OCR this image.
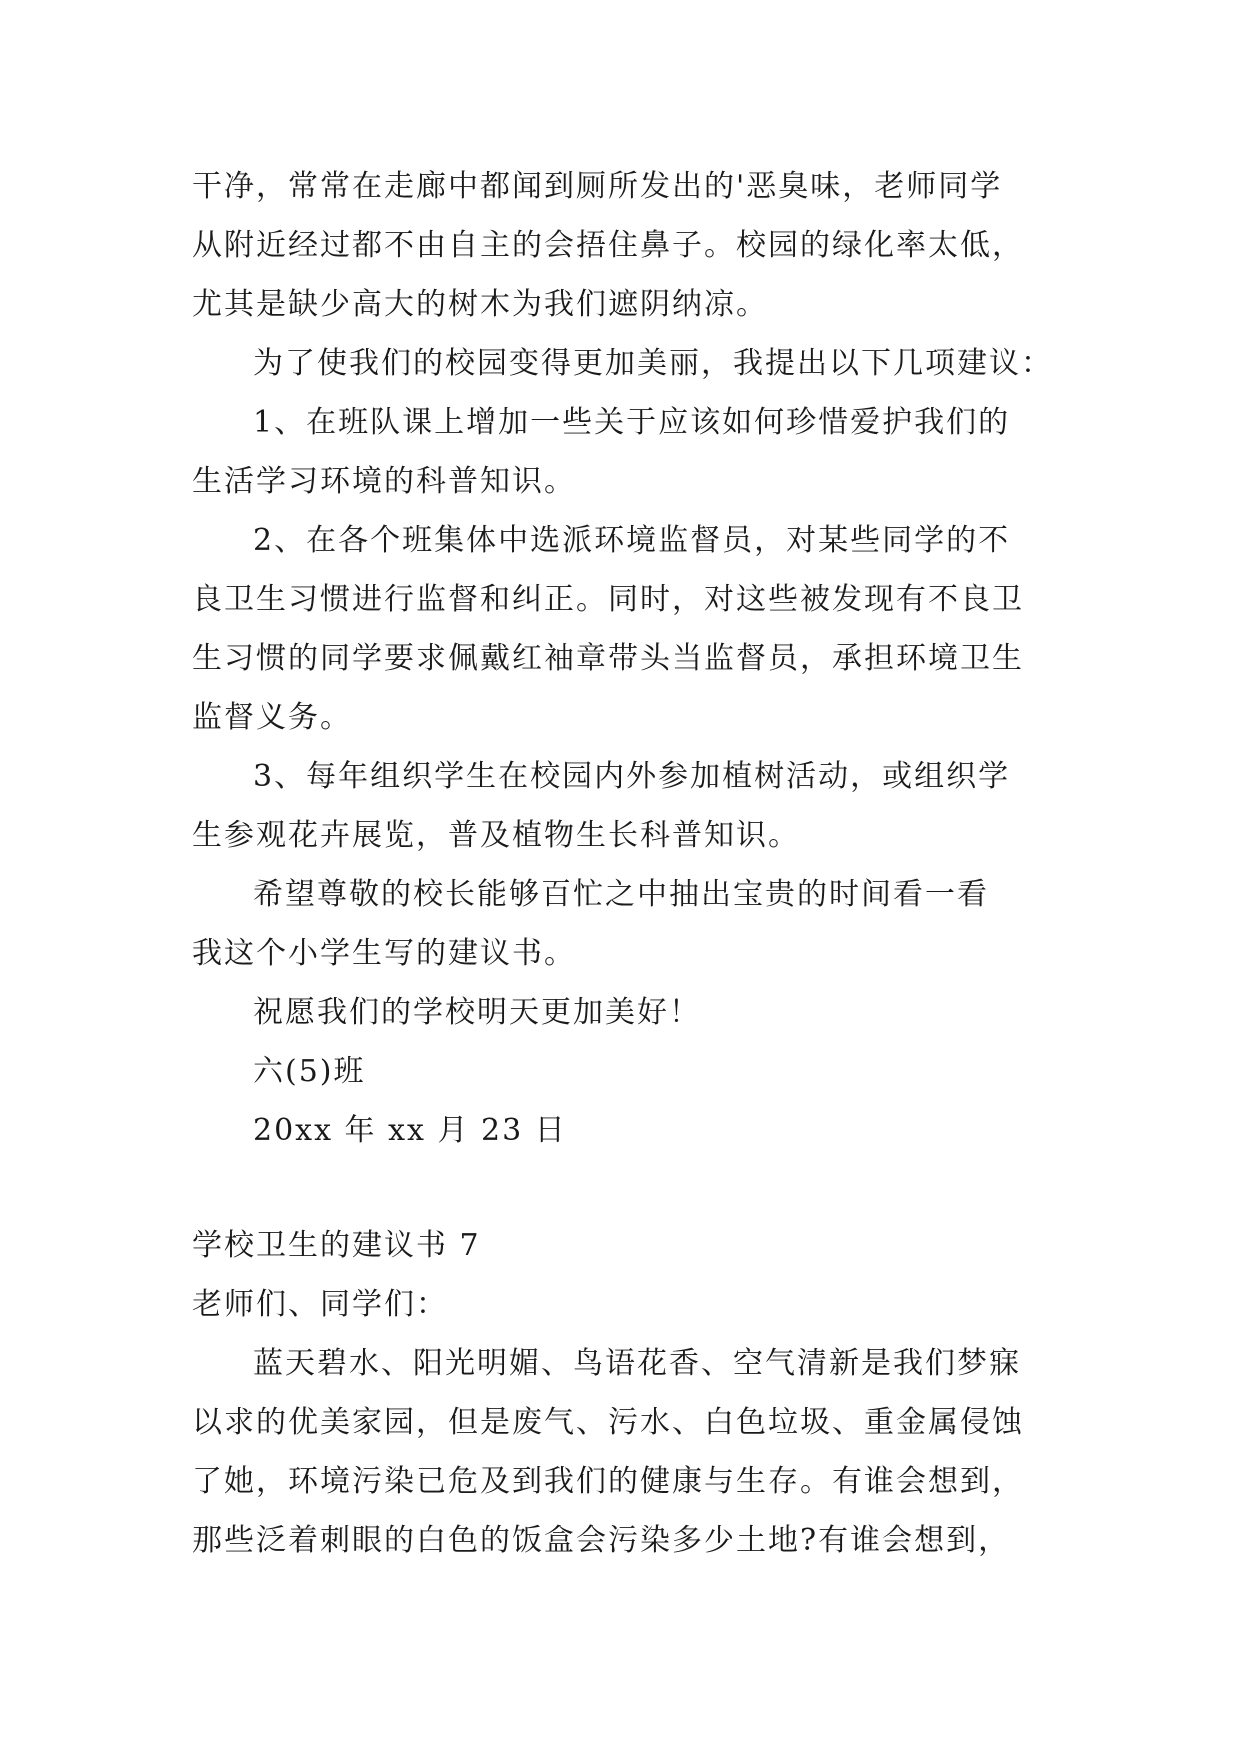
干净，常常在走廊中都闻到厕所发出的'恶臭味，老师同学
从附近经过都不由自主的会捂住鼻子。校园的绿化率太低，
尤其是缺少高大的树木为我们遮阴纳凉。
为了使我们的校园变得更加美丽，我提出以下几项建议：
1、在班队课上增加一些关于应该如何珍惜爱护我们的
生活学习环境的科普知识。
2、在各个班集体中选派环境监督员，对某些同学的不
良卫生习惯进行监督和纠正。同时，对这些被发现有不良卫
生习惯的同学要求佩戴红袖章带头当监督员，承担环境卫生
监督义务。
3、每年组织学生在校园内外参加植树活动，或组织学
生参观花卉展览，普及植物生长科普知识。
希望尊敬的校长能够百忙之中抽出宝贵的时间看一看
我这个小学生写的建议书。
祝愿我们的学校明天更加美好！
六(5)班
20xx 年 xx 月 23 日
学校卫生的建议书 7
老师们、同学们：
蓝天碧水、阳光明媚、鸟语花香、空气清新是我们梦寐
以求的优美家园，但是废气、污水、白色垃圾、重金属侵蚀
了她，环境污染已危及到我们的健康与生存。有谁会想到，
那些泛着刺眼的白色的饭盒会污染多少土地?有谁会想到，
